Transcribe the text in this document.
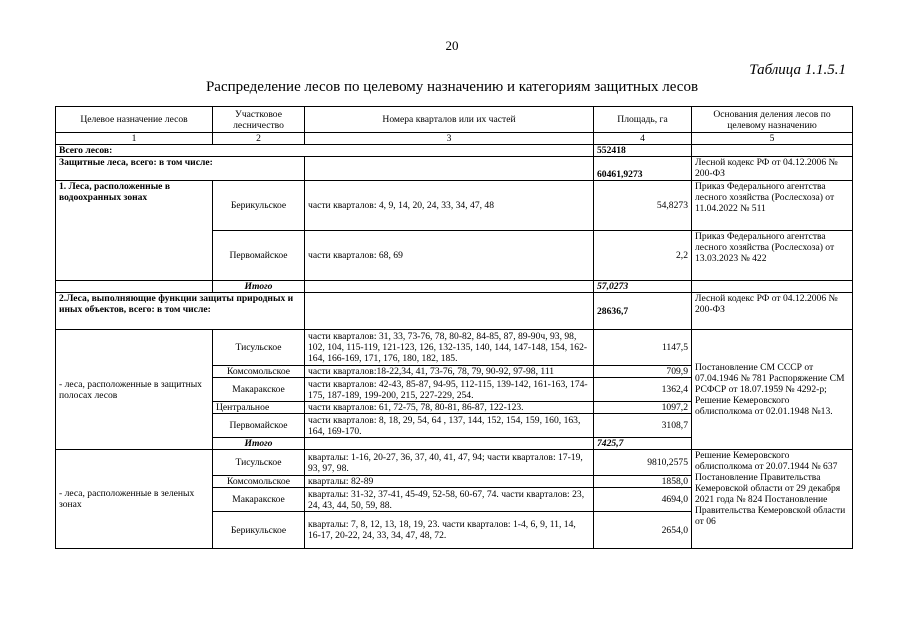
20
Таблица 1.1.5.1
Распределение лесов по целевому назначению и категориям защитных лесов
Целевое назначение лесов	Участковое лесничество	Номера кварталов или их частей	Площадь, га	Основания деления лесов по целевому назначению
1	2	3	4	5
Всего лесов:			552418	
Защитные леса, всего: в том числе:			60461,9273	Лесной кодекс РФ от 04.12.2006 № 200-ФЗ
1. Леса, расположенные в водоохранных зонах	Берикульское	части кварталов: 4, 9, 14, 20, 24, 33, 34, 47, 48	54,8273	Приказ Федерального агентства лесного хозяйства (Рослесхоза) от 11.04.2022 № 511
	Первомайское	части кварталов: 68, 69	2,2	Приказ Федерального агентства лесного хозяйства (Рослесхоза) от 13.03.2023 № 422
	Итого		57,0273	
2.Леса, выполняющие функции защиты природных и иных объектов, всего: в том числе:			28636,7	Лесной кодекс РФ от 04.12.2006 № 200-ФЗ
- леса, расположенные в защитных полосах лесов	Тисульское	части кварталов: 31, 33, 73-76, 78, 80-82, 84-85, 87, 89-90ч, 93, 98, 102, 104, 115-119, 121-123, 126, 132-135, 140, 144, 147-148, 154, 162-164, 166-169, 171, 176, 180, 182, 185.	1147,5	Постановление СМ СССР от 07.04.1946 № 781 Распоряжение СМ РСФСР от 18.07.1959 № 4292-р; Решение Кемеровского облисполкома от 02.01.1948 №13.
	Комсомольское	части кварталов:18-22,34, 41, 73-76, 78, 79, 90-92, 97-98, 111	709,9	
	Макаракское	части кварталов: 42-43, 85-87, 94-95, 112-115, 139-142, 161-163, 174-175, 187-189, 199-200, 215, 227-229, 254.	1362,4	
	Центральное	части кварталов: 61, 72-75, 78, 80-81, 86-87, 122-123.	1097,2	
	Первомайское	части кварталов: 8, 18, 29, 54, 64 , 137, 144, 152, 154, 159, 160, 163, 164, 169-170.	3108,7	
	Итого		7425,7	
- леса, расположенные в зеленых зонах	Тисульское	кварталы: 1-16, 20-27, 36, 37, 40, 41, 47, 94; части кварталов: 17-19, 93, 97, 98.	9810,2575	Решение Кемеровского облисполкома от 20.07.1944 № 637 Постановление Правительства Кемеровской области от 29 декабря 2021 года № 824 Постановление Правительства Кемеровской области от 06
	Комсомольское	кварталы: 82-89	1858,0	
	Макаракское	кварталы: 31-32, 37-41, 45-49, 52-58, 60-67, 74. части кварталов: 23, 24, 43, 44, 50, 59, 88.	4694,0	
	Берикульское	кварталы: 7, 8, 12, 13, 18, 19, 23. части кварталов: 1-4, 6, 9, 11, 14, 16-17, 20-22, 24, 33, 34, 47, 48, 72.	2654,0	
